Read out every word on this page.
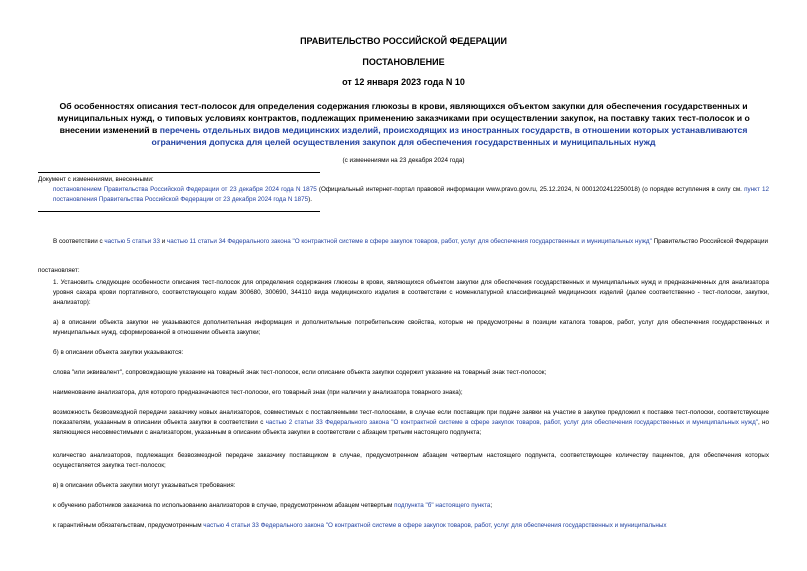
ПРАВИТЕЛЬСТВО РОССИЙСКОЙ ФЕДЕРАЦИИ
ПОСТАНОВЛЕНИЕ
от 12 января 2023 года N 10
Об особенностях описания тест-полосок для определения содержания глюкозы в крови, являющихся объектом закупки для обеспечения государственных и муниципальных нужд, о типовых условиях контрактов, подлежащих применению заказчиками при осуществлении закупок, на поставку таких тест-полосок и о внесении изменений в перечень отдельных видов медицинских изделий, происходящих из иностранных государств, в отношении которых устанавливаются ограничения допуска для целей осуществления закупок для обеспечения государственных и муниципальных нужд
(с изменениями на 23 декабря 2024 года)
Документ с изменениями, внесенными:
постановлением Правительства Российской Федерации от 23 декабря 2024 года N 1875 (Официальный интернет-портал правовой информации www.pravo.gov.ru, 25.12.2024, N 0001202412250018) (о порядке вступления в силу см. пункт 12 постановления Правительства Российской Федерации от 23 декабря 2024 года N 1875).
В соответствии с частью 5 статьи 33 и частью 11 статьи 34 Федерального закона "О контрактной системе в сфере закупок товаров, работ, услуг для обеспечения государственных и муниципальных нужд" Правительство Российской Федерации
постановляет:
1. Установить следующие особенности описания тест-полосок для определения содержания глюкозы в крови, являющихся объектом закупки для обеспечения государственных и муниципальных нужд и предназначенных для анализатора уровня сахара крови портативного, соответствующего кодам 300680, 300690, 344110 вида медицинского изделия в соответствии с номенклатурной классификацией медицинских изделий (далее соответственно - тест-полоски, закупки, анализатор):
а) в описании объекта закупки не указываются дополнительная информация и дополнительные потребительские свойства, которые не предусмотрены в позиции каталога товаров, работ, услуг для обеспечения государственных и муниципальных нужд, сформированной в отношении объекта закупки;
б) в описании объекта закупки указываются:
слова "или эквивалент", сопровождающие указание на товарный знак тест-полосок, если описание объекта закупки содержит указание на товарный знак тест-полосок;
наименование анализатора, для которого предназначаются тест-полоски, его товарный знак (при наличии у анализатора товарного знака);
возможность безвозмездной передачи заказчику новых анализаторов, совместимых с поставляемыми тест-полосками, в случае если поставщик при подаче заявки на участие в закупке предложил к поставке тест-полоски, соответствующие показателям, указанным в описании объекта закупки в соответствии с частью 2 статьи 33 Федерального закона "О контрактной системе в сфере закупок товаров, работ, услуг для обеспечения государственных и муниципальных нужд", но являющиеся несовместимыми с анализатором, указанным в описании объекта закупки в соответствии с абзацем третьим настоящего подпункта;
количество анализаторов, подлежащих безвозмездной передаче заказчику поставщиком в случае, предусмотренном абзацем четвертым настоящего подпункта, соответствующее количеству пациентов, для обеспечения которых осуществляется закупка тест-полосок;
в) в описании объекта закупки могут указываться требования:
к обучению работников заказчика по использованию анализаторов в случае, предусмотренном абзацем четвертым подпункта "б" настоящего пункта;
к гарантийным обязательствам, предусмотренным частью 4 статьи 33 Федерального закона "О контрактной системе в сфере закупок товаров, работ, услуг для обеспечения государственных и муниципальных
